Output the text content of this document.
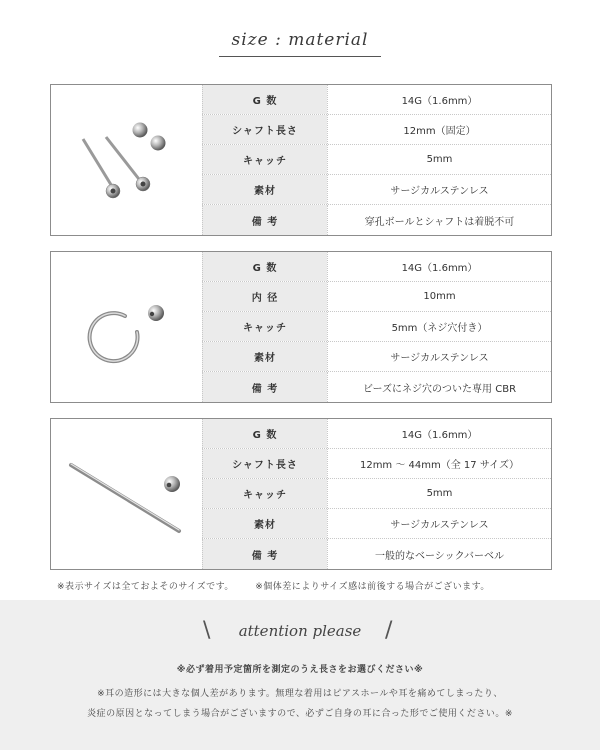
size : material
G 数	14G（1.6mm）
シャフト長さ	12mm（固定）
キャッチ	5mm
素材	サージカルステンレス
備 考	穿孔ボールとシャフトは着脱不可
G 数	14G（1.6mm）
内 径	10mm
キャッチ	5mm（ネジ穴付き）
素材	サージカルステンレス
備 考	ビーズにネジ穴のついた専用 CBR
G 数	14G（1.6mm）
シャフト長さ	12mm ～ 44mm（全 17 サイズ）
キャッチ	5mm
素材	サージカルステンレス
備 考	一般的なベーシックバーベル
※表示サイズは全ておよそのサイズです。 ※個体差によりサイズ感は前後する場合がございます。
\	attention please	/
※必ず着用予定箇所を測定のうえ長さをお選びください※
※耳の造形には大きな個人差があります。無理な着用はピアスホールや耳を痛めてしまったり、
炎症の原因となってしまう場合がございますので、必ずご自身の耳に合った形でご使用ください。※
